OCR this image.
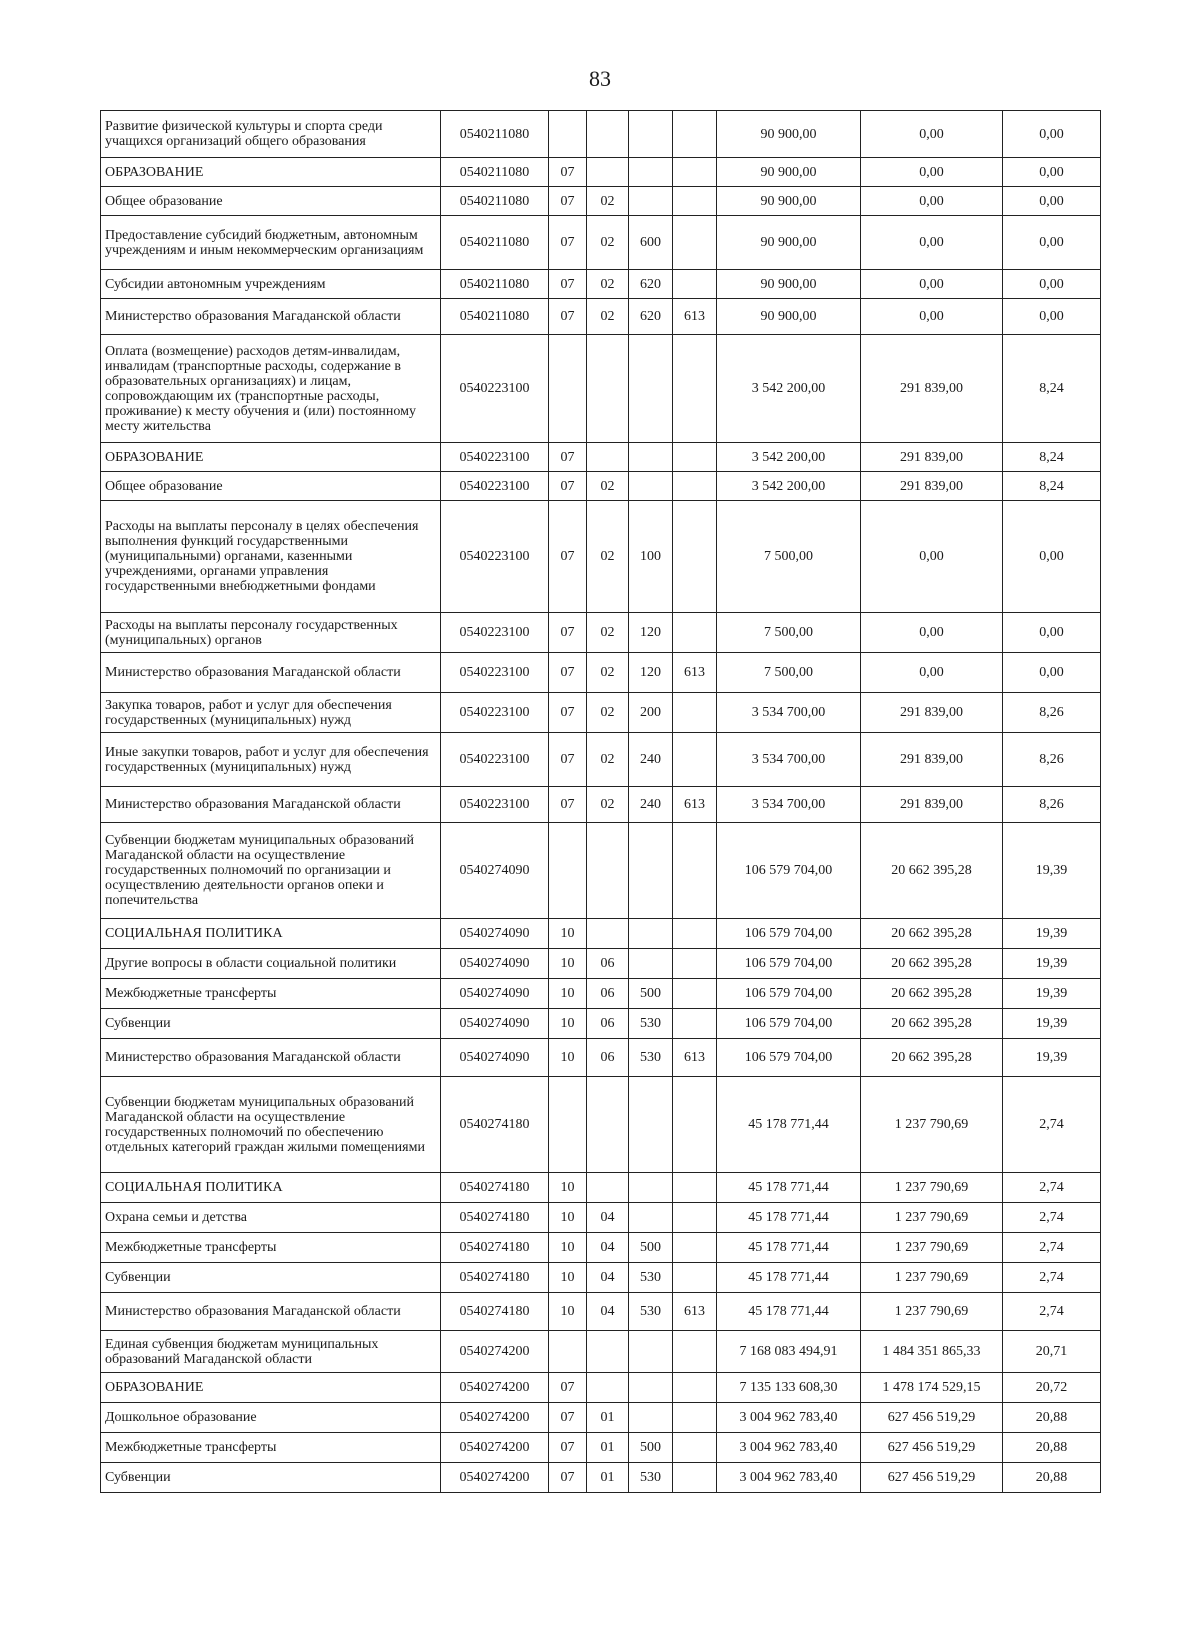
83
Развитие физической культуры и спорта среди учащихся организаций общего образования	0540211080					90 900,00	0,00	0,00
ОБРАЗОВАНИЕ	0540211080	07				90 900,00	0,00	0,00
Общее образование	0540211080	07	02			90 900,00	0,00	0,00
Предоставление субсидий бюджетным, автономным учреждениям и иным некоммерческим организациям	0540211080	07	02	600		90 900,00	0,00	0,00
Субсидии автономным учреждениям	0540211080	07	02	620		90 900,00	0,00	0,00
Министерство образования Магаданской области	0540211080	07	02	620	613	90 900,00	0,00	0,00
Оплата (возмещение) расходов детям-инвалидам, инвалидам (транспортные расходы, содержание в образовательных организациях) и лицам, сопровождающим их (транспортные расходы, проживание) к месту обучения и (или) постоянному месту жительства	0540223100					3 542 200,00	291 839,00	8,24
ОБРАЗОВАНИЕ	0540223100	07				3 542 200,00	291 839,00	8,24
Общее образование	0540223100	07	02			3 542 200,00	291 839,00	8,24
Расходы на выплаты персоналу в целях обеспечения выполнения функций государственными (муниципальными) органами, казенными учреждениями, органами управления государственными внебюджетными фондами	0540223100	07	02	100		7 500,00	0,00	0,00
Расходы на выплаты персоналу государственных (муниципальных) органов	0540223100	07	02	120		7 500,00	0,00	0,00
Министерство образования Магаданской области	0540223100	07	02	120	613	7 500,00	0,00	0,00
Закупка товаров, работ и услуг для обеспечения государственных (муниципальных) нужд	0540223100	07	02	200		3 534 700,00	291 839,00	8,26
Иные закупки товаров, работ и услуг для обеспечения государственных (муниципальных) нужд	0540223100	07	02	240		3 534 700,00	291 839,00	8,26
Министерство образования Магаданской области	0540223100	07	02	240	613	3 534 700,00	291 839,00	8,26
Субвенции бюджетам муниципальных образований Магаданской области на осуществление государственных полномочий по организации и осуществлению деятельности органов опеки и попечительства	0540274090					106 579 704,00	20 662 395,28	19,39
СОЦИАЛЬНАЯ ПОЛИТИКА	0540274090	10				106 579 704,00	20 662 395,28	19,39
Другие вопросы в области социальной политики	0540274090	10	06			106 579 704,00	20 662 395,28	19,39
Межбюджетные трансферты	0540274090	10	06	500		106 579 704,00	20 662 395,28	19,39
Субвенции	0540274090	10	06	530		106 579 704,00	20 662 395,28	19,39
Министерство образования Магаданской области	0540274090	10	06	530	613	106 579 704,00	20 662 395,28	19,39
Субвенции бюджетам муниципальных образований Магаданской области на осуществление государственных полномочий по обеспечению отдельных категорий граждан жилыми помещениями	0540274180					45 178 771,44	1 237 790,69	2,74
СОЦИАЛЬНАЯ ПОЛИТИКА	0540274180	10				45 178 771,44	1 237 790,69	2,74
Охрана семьи и детства	0540274180	10	04			45 178 771,44	1 237 790,69	2,74
Межбюджетные трансферты	0540274180	10	04	500		45 178 771,44	1 237 790,69	2,74
Субвенции	0540274180	10	04	530		45 178 771,44	1 237 790,69	2,74
Министерство образования Магаданской области	0540274180	10	04	530	613	45 178 771,44	1 237 790,69	2,74
Единая субвенция бюджетам муниципальных образований Магаданской области	0540274200					7 168 083 494,91	1 484 351 865,33	20,71
ОБРАЗОВАНИЕ	0540274200	07				7 135 133 608,30	1 478 174 529,15	20,72
Дошкольное образование	0540274200	07	01			3 004 962 783,40	627 456 519,29	20,88
Межбюджетные трансферты	0540274200	07	01	500		3 004 962 783,40	627 456 519,29	20,88
Субвенции	0540274200	07	01	530		3 004 962 783,40	627 456 519,29	20,88
